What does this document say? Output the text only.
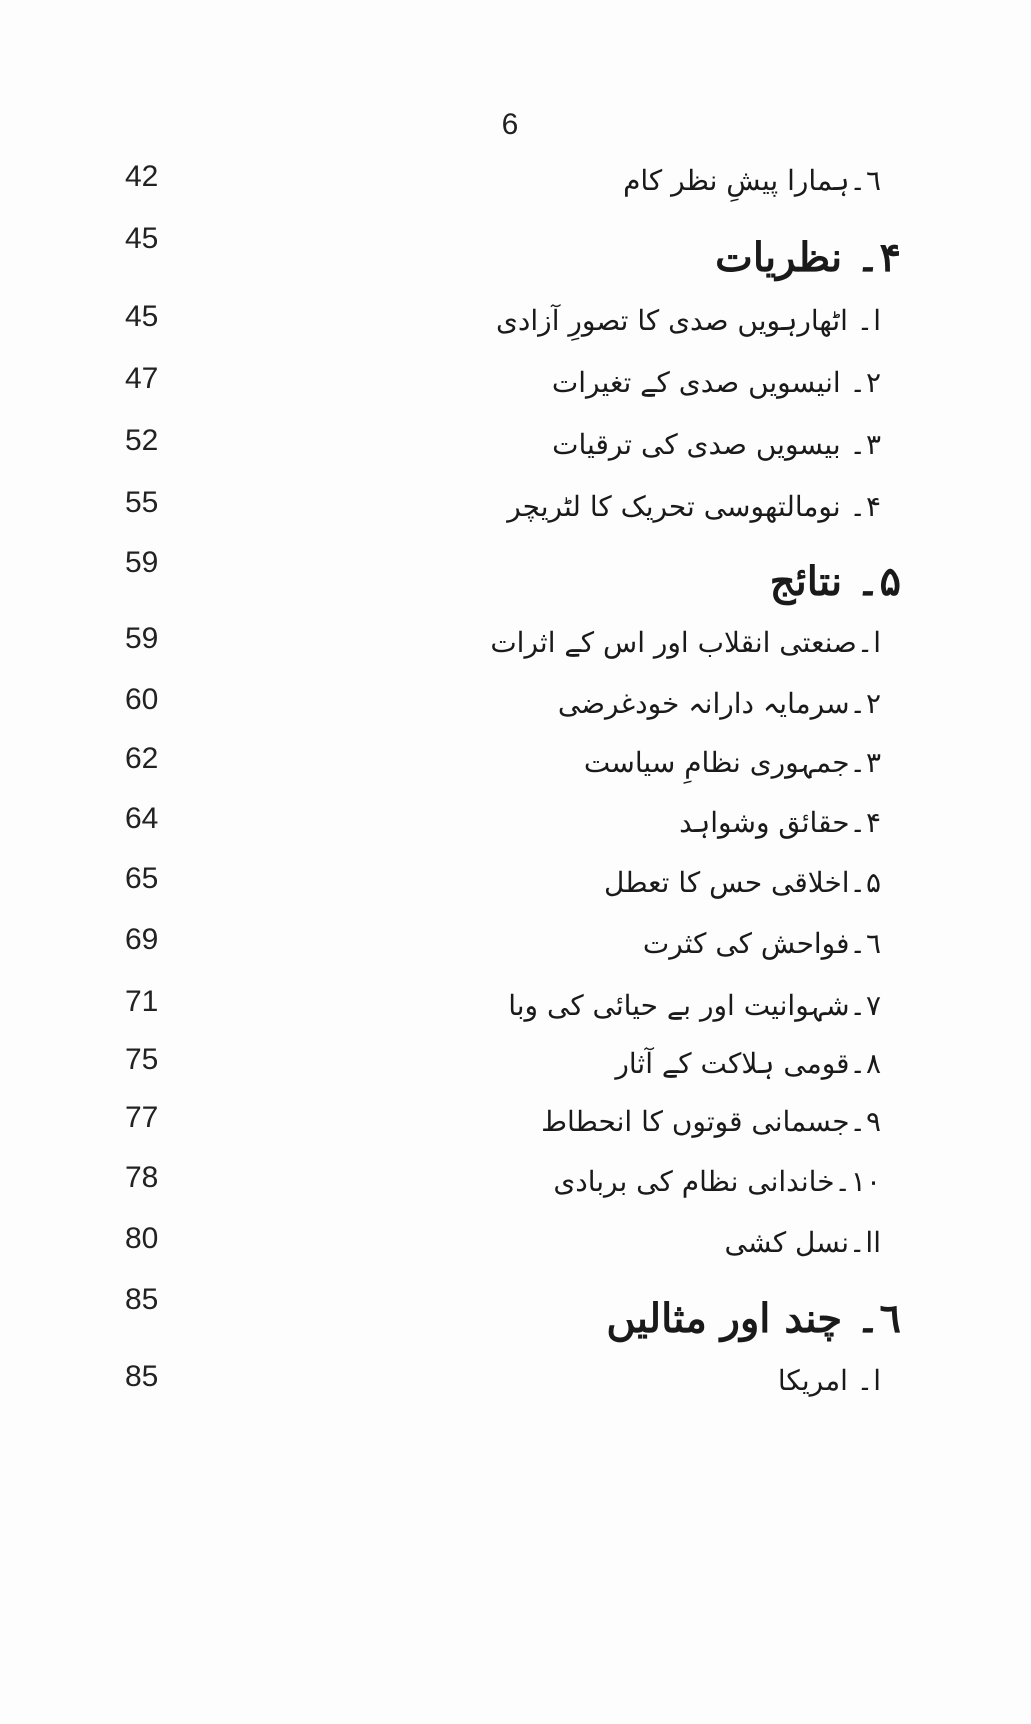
6
42	٦۔ہمارا پیشِ نظر کام
45	۴۔ نظریات
45	ا۔ اٹھارہویں صدی کا تصورِ آزادی
47	۲۔ انیسویں صدی کے تغیرات
52	۳۔ بیسویں صدی کی ترقیات
55	۴۔ نومالتھوسی تحریک کا لٹریچر
59	۵۔ نتائج
59	ا۔صنعتی انقلاب اور اس کے اثرات
60	۲۔سرمایہ دارانہ خودغرضی
62	۳۔جمہوری نظامِ سیاست
64	۴۔حقائق وشواہد
65	۵۔اخلاقی حس کا تعطل
69	٦۔فواحش کی کثرت
71	۷۔شہوانیت اور بے حیائی کی وبا
75	۸۔قومی ہلاکت کے آثار
77	۹۔جسمانی قوتوں کا انحطاط
78	۱۰۔خاندانی نظام کی بربادی
80	اا۔نسل کشی
85	٦۔ چند اور مثالیں
85	ا۔ امریکا
